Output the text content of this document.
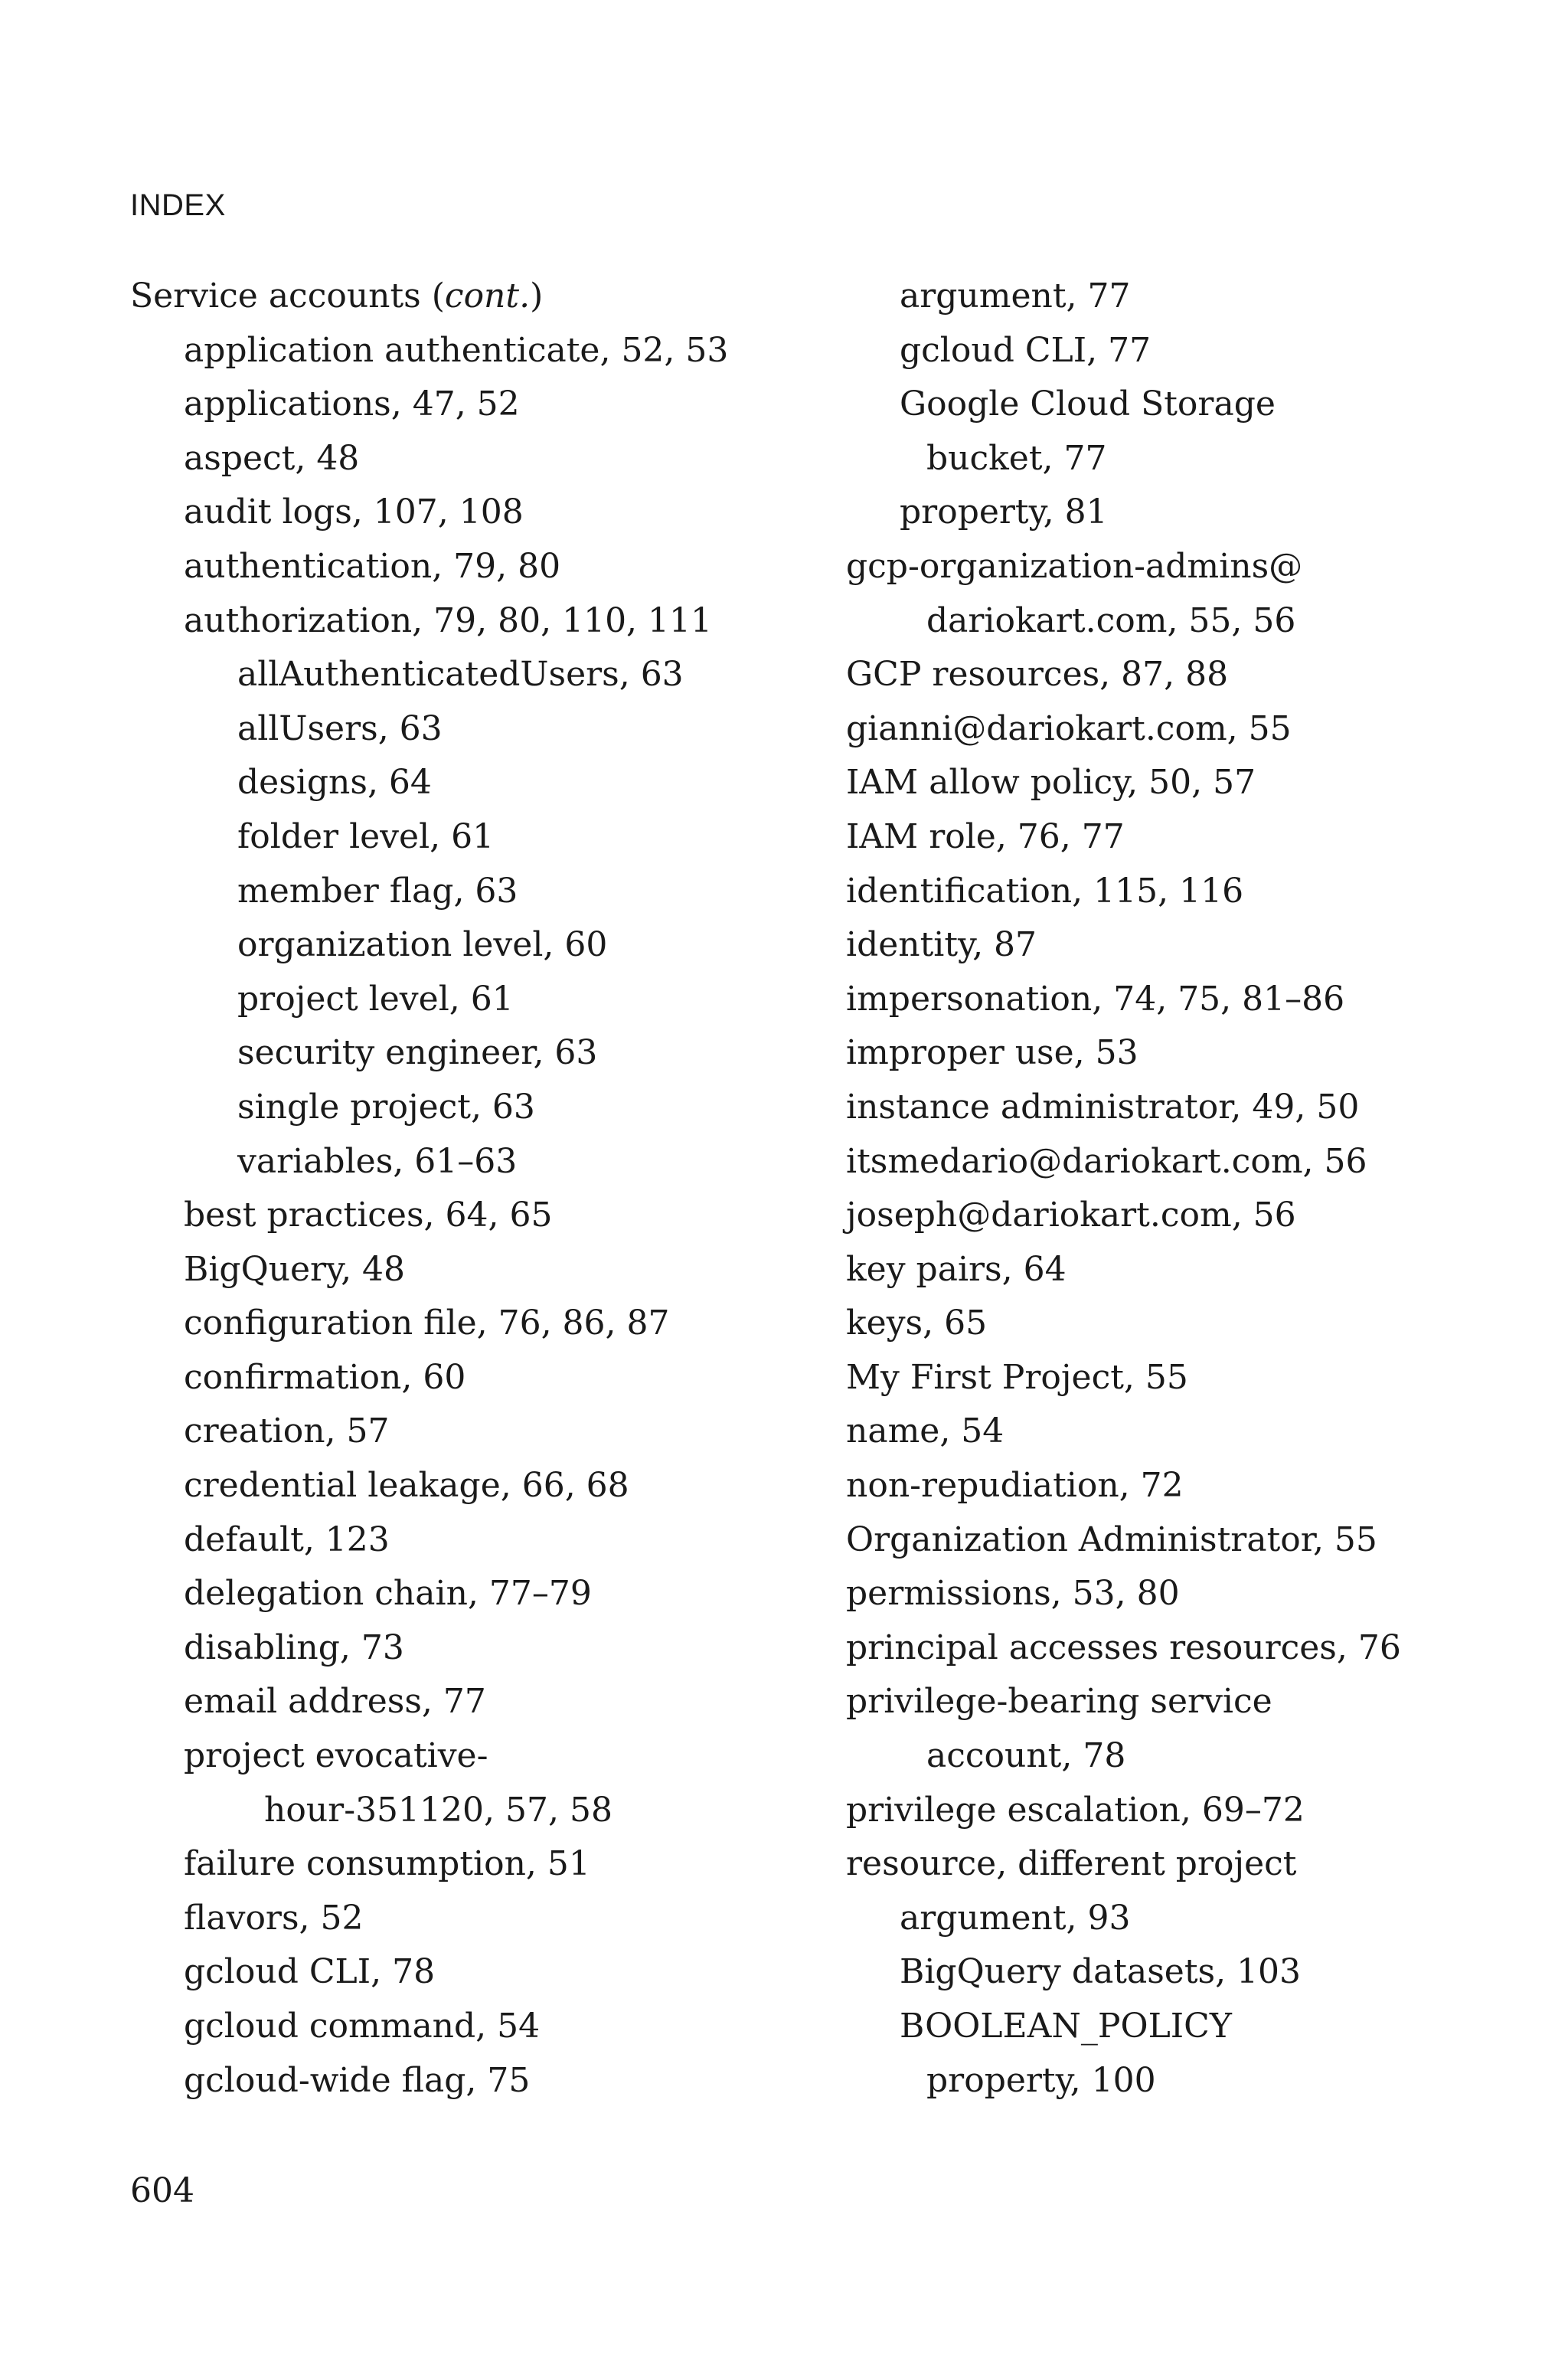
INDEX
Service accounts (cont.)
application authenticate, 52, 53
applications, 47, 52
aspect, 48
audit logs, 107, 108
authentication, 79, 80
authorization, 79, 80, 110, 111
allAuthenticatedUsers, 63
allUsers, 63
designs, 64
folder level, 61
member flag, 63
organization level, 60
project level, 61
security engineer, 63
single project, 63
variables, 61–63
best practices, 64, 65
BigQuery, 48
configuration file, 76, 86, 87
confirmation, 60
creation, 57
credential leakage, 66, 68
default, 123
delegation chain, 77–79
disabling, 73
email address, 77
project evocative-
hour-351120, 57, 58
failure consumption, 51
flavors, 52
gcloud CLI, 78
gcloud command, 54
gcloud-wide flag, 75
argument, 77
gcloud CLI, 77
Google Cloud Storage
bucket, 77
property, 81
gcp-organization-admins@
dariokart.com, 55, 56
GCP resources, 87, 88
gianni@dariokart.com, 55
IAM allow policy, 50, 57
IAM role, 76, 77
identification, 115, 116
identity, 87
impersonation, 74, 75, 81–86
improper use, 53
instance administrator, 49, 50
itsmedario@dariokart.com, 56
joseph@dariokart.com, 56
key pairs, 64
keys, 65
My First Project, 55
name, 54
non-repudiation, 72
Organization Administrator, 55
permissions, 53, 80
principal accesses resources, 76
privilege-bearing service
account, 78
privilege escalation, 69–72
resource, different project
argument, 93
BigQuery datasets, 103
BOOLEAN_POLICY
property, 100
604
